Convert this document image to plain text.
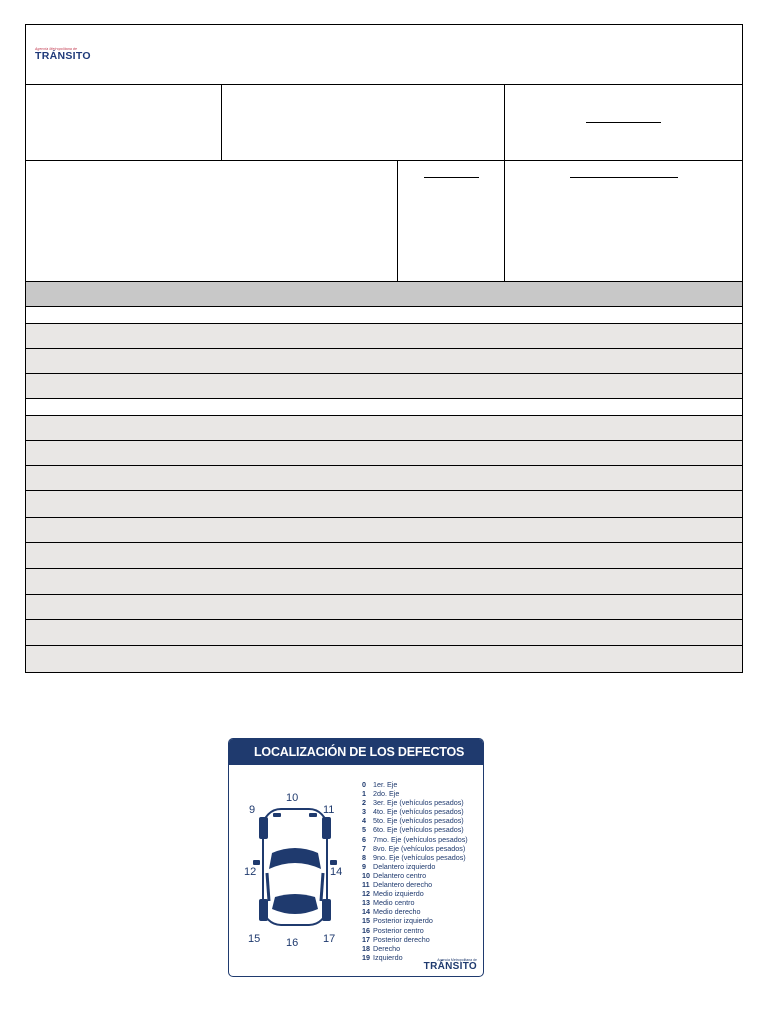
Agencia Metropolitana de
TRÁNSITO
LOCALIZACIÓN DE LOS DEFECTOS
9
10
11
12	14
15 16 17
0 1er. Eje
1 2do. Eje
2 3er. Eje (vehículos pesados)
3 4to. Eje (vehículos pesados)
4 5to. Eje (vehículos pesados)
5 6to. Eje (vehículos pesados)
6 7mo. Eje (vehículos pesados)
7 8vo. Eje (vehículos pesados)
8 9no. Eje (vehículos pesados)
9 Delantero izquierdo
10 Delantero centro
11 Delantero derecho
12 Medio izquierdo
13 Medio centro
14 Medio derecho
15 Posterior izquierdo
16 Posterior centro
17 Posterior derecho
18 Derecho
19 Izquierdo	Agencia Metropolitana de
TRÁNSITO
